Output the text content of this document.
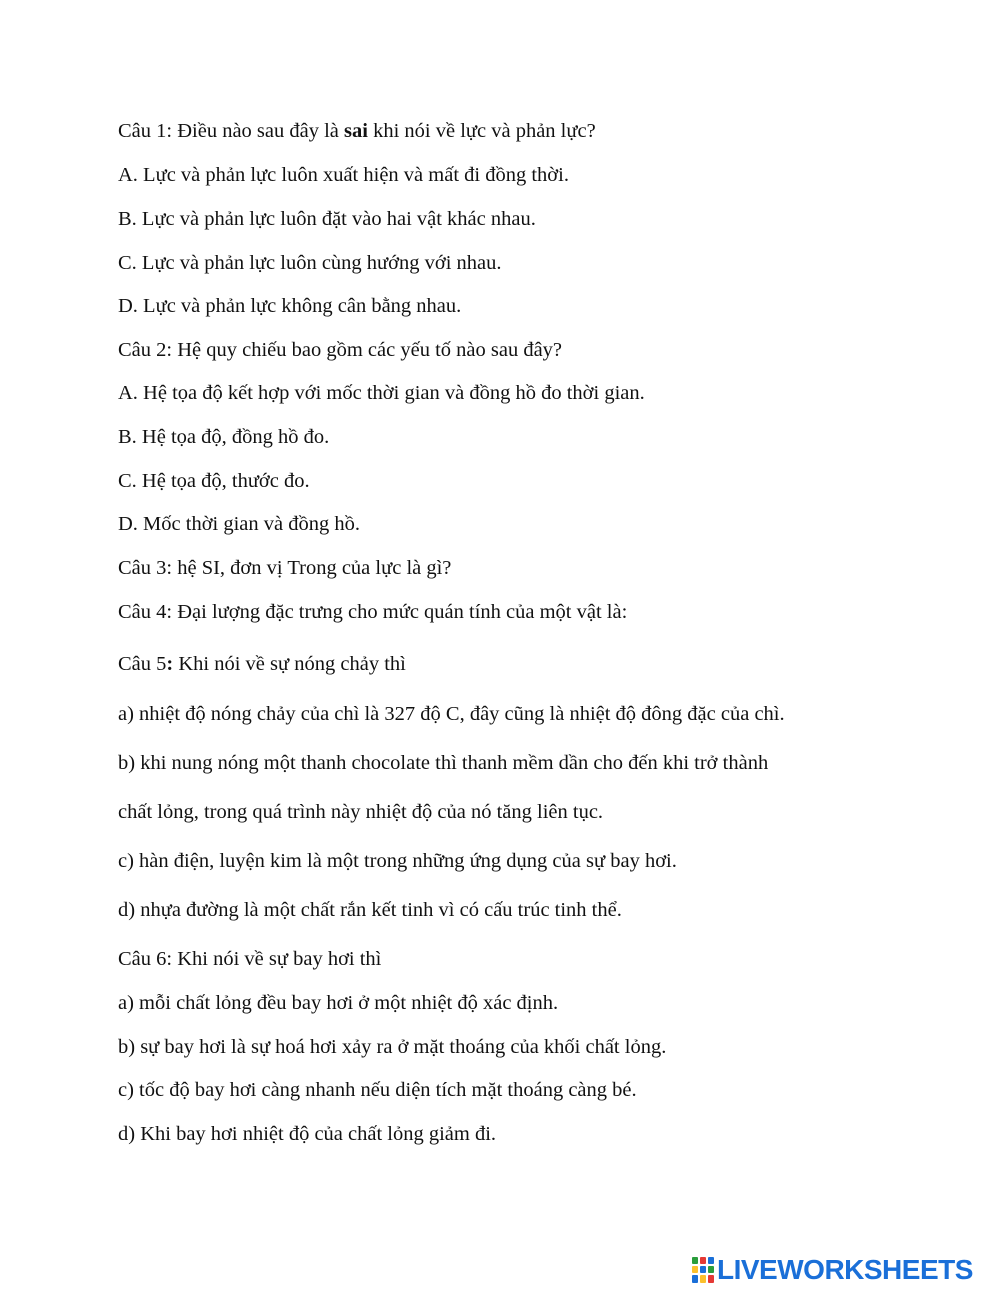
Câu 1: Điều nào sau đây là sai khi nói về lực và phản lực?
A. Lực và phản lực luôn xuất hiện và mất đi đồng thời.
B. Lực và phản lực luôn đặt vào hai vật khác nhau.
C. Lực và phản lực luôn cùng hướng với nhau.
D. Lực và phản lực không cân bằng nhau.
Câu 2: Hệ quy chiếu bao gồm các yếu tố nào sau đây?
A. Hệ tọa độ kết hợp với mốc thời gian và đồng hồ đo thời gian.
B. Hệ tọa độ, đồng hồ đo.
C. Hệ tọa độ, thước đo.
D. Mốc thời gian và đồng hồ.
Câu 3: hệ SI, đơn vị Trong của lực là gì?
Câu 4: Đại lượng đặc trưng cho mức quán tính của một vật là:
Câu 5: Khi nói về sự nóng chảy thì
a) nhiệt độ nóng chảy của chì là 327 độ C, đây cũng là nhiệt độ đông đặc của chì.
b) khi nung nóng một thanh chocolate thì thanh mềm dần cho đến khi trở thành
chất lỏng, trong quá trình này nhiệt độ của nó tăng liên tục.
c) hàn điện, luyện kim là một trong những ứng dụng của sự bay hơi.
d) nhựa đường là một chất rắn kết tinh vì có cấu trúc tinh thể.
Câu 6: Khi nói về sự bay hơi thì
a) mỗi chất lỏng đều bay hơi ở một nhiệt độ xác định.
b) sự bay hơi là sự hoá hơi xảy ra ở mặt thoáng của khối chất lỏng.
c) tốc độ bay hơi càng nhanh nếu diện tích mặt thoáng càng bé.
d) Khi bay hơi nhiệt độ của chất lỏng giảm đi.
LIVEWORKSHEETS
